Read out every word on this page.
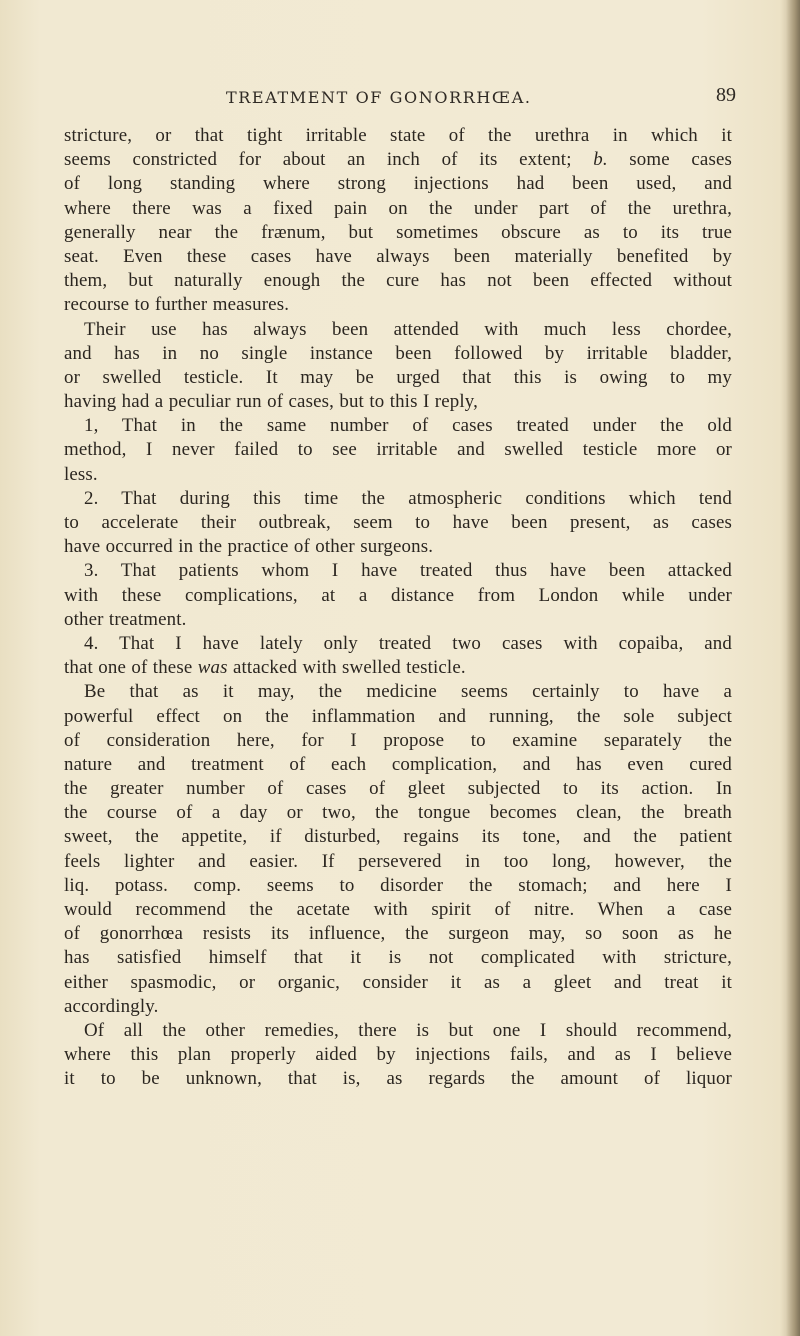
TREATMENT OF GONORRHŒA.	89
stricture, or that tight irritable state of the urethra in which it
seems constricted for about an inch of its extent; b. some cases
of long standing where strong injections had been used, and
where there was a fixed pain on the under part of the urethra,
generally near the frænum, but sometimes obscure as to its true
seat. Even these cases have always been materially benefited by
them, but naturally enough the cure has not been effected without
recourse to further measures.
Their use has always been attended with much less chordee,
and has in no single instance been followed by irritable bladder,
or swelled testicle. It may be urged that this is owing to my
having had a peculiar run of cases, but to this I reply,
1, That in the same number of cases treated under the old
method, I never failed to see irritable and swelled testicle more or
less.
2. That during this time the atmospheric conditions which tend
to accelerate their outbreak, seem to have been present, as cases
have occurred in the practice of other surgeons.
3. That patients whom I have treated thus have been attacked
with these complications, at a distance from London while under
other treatment.
4. That I have lately only treated two cases with copaiba, and
that one of these was attacked with swelled testicle.
Be that as it may, the medicine seems certainly to have a
powerful effect on the inflammation and running, the sole subject
of consideration here, for I propose to examine separately the
nature and treatment of each complication, and has even cured
the greater number of cases of gleet subjected to its action. In
the course of a day or two, the tongue becomes clean, the breath
sweet, the appetite, if disturbed, regains its tone, and the patient
feels lighter and easier. If persevered in too long, however, the
liq. potass. comp. seems to disorder the stomach; and here I
would recommend the acetate with spirit of nitre. When a case
of gonorrhœa resists its influence, the surgeon may, so soon as he
has satisfied himself that it is not complicated with stricture,
either spasmodic, or organic, consider it as a gleet and treat it
accordingly.
Of all the other remedies, there is but one I should recommend,
where this plan properly aided by injections fails, and as I believe
it to be unknown, that is, as regards the amount of liquor
